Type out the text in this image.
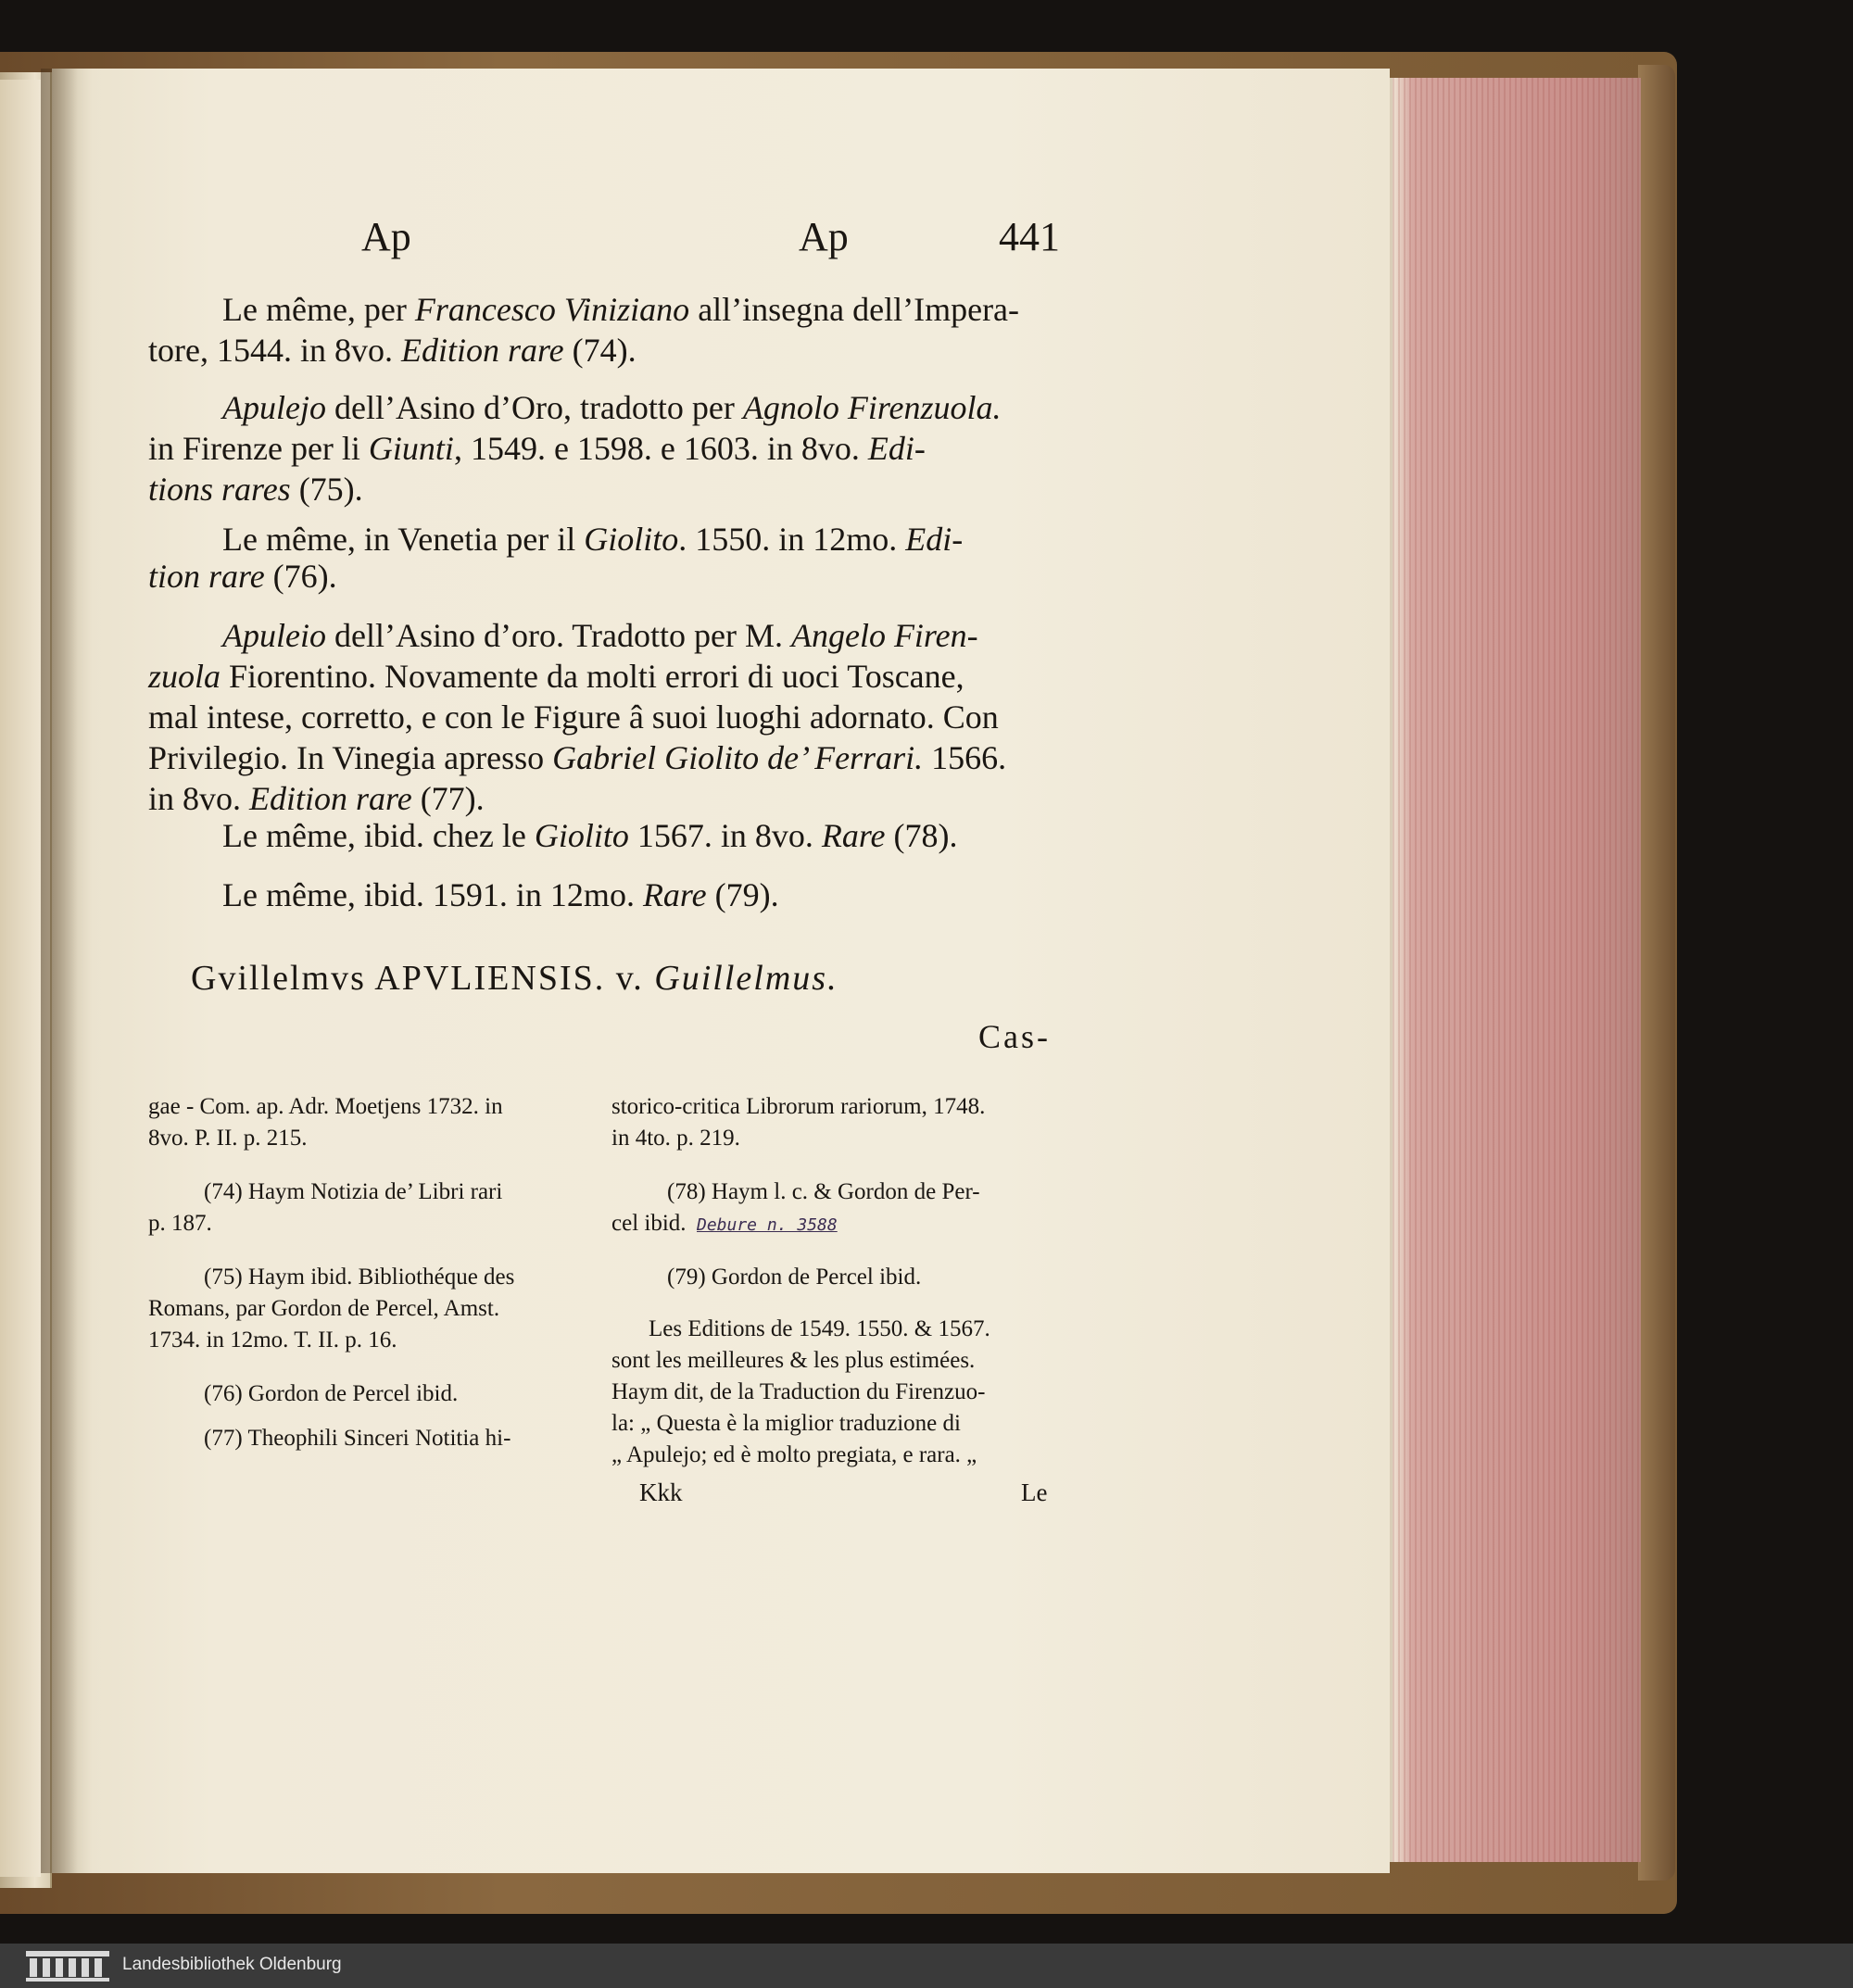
Ap	Ap	441
Le même, per Francesco Viniziano all’insegna dell’Impera-
tore, 1544. in 8vo. Edition rare (74).
Apulejo dell’Asino d’Oro, tradotto per Agnolo Firenzuola.
in Firenze per li Giunti, 1549. e 1598. e 1603. in 8vo. Edi-
tions rares (75).
Le même, in Venetia per il Giolito. 1550. in 12mo. Edi-
tion rare (76).
Apuleio dell’Asino d’oro. Tradotto per M. Angelo Firen-
zuola Fiorentino. Novamente da molti errori di uoci Toscane,
mal intese, corretto, e con le Figure â suoi luoghi adornato. Con
Privilegio. In Vinegia apresso Gabriel Giolito de’ Ferrari. 1566.
in 8vo. Edition rare (77).
Le même, ibid. chez le Giolito 1567. in 8vo. Rare (78).
Le même, ibid. 1591. in 12mo. Rare (79).
Gvillelmvs APVLIENSIS. v. Guillelmus.
Cas-
gae - Com. ap. Adr. Moetjens 1732. in
8vo. P. II. p. 215.
(74) Haym Notizia de’ Libri rari
p. 187.
(75) Haym ibid. Bibliothéque des
Romans, par Gordon de Percel, Amst.
1734. in 12mo. T. II. p. 16.
(76) Gordon de Percel ibid.
(77) Theophili Sinceri Notitia hi-
storico-critica Librorum rariorum, 1748.
in 4to. p. 219.
(78) Haym l. c. & Gordon de Per-
cel ibid.
(79) Gordon de Percel ibid.
Les Editions de 1549. 1550. & 1567.
sont les meilleures & les plus estimées.
Haym dit, de la Traduction du Firenzuo-
la: „ Questa è la miglior traduzione di
„ Apulejo; ed è molto pregiata, e rara. „
Debure n. 3588
Kkk	Le
Landesbibliothek Oldenburg
